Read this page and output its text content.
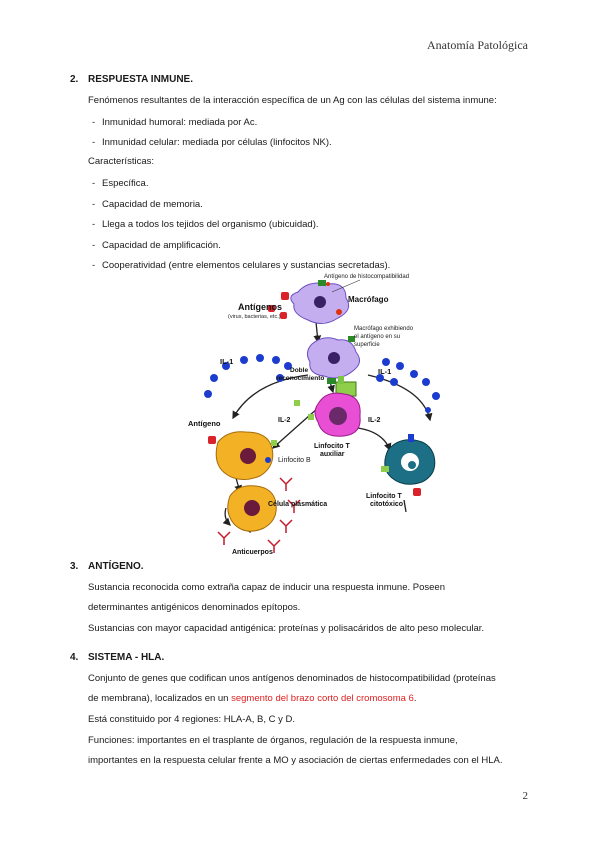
Anatomía Patológica
2. RESPUESTA INMUNE.
Fenómenos resultantes de la interacción específica de un Ag con las células del sistema inmune:
- Inmunidad humoral: mediada por Ac.
- Inmunidad celular: mediada por células (linfocitos NK).
Características:
- Específica.
- Capacidad de memoria.
- Llega a todos los tejidos del organismo (ubicuidad).
- Capacidad de amplificación.
- Cooperatividad (entre elementos celulares y sustancias secretadas).
Antígeno de histocompatibilidad
Antígenos
(virus, bacterias, etc.)
Macrófago
Macrófago exhibiendo
el antígeno en su
superficie
IL-1
IL-1
Doble
reconocimiento
IL-2	IL-2
Antígeno
Linfocito T
auxiliar
Linfocito B
Linfocito T
citotóxico
Célula plasmática
Anticuerpos
3. ANTÍGENO.
Sustancia reconocida como extraña capaz de inducir una respuesta inmune. Poseen
determinantes antigénicos denominados epítopos.
Sustancias con mayor capacidad antigénica: proteínas y polisacáridos de alto peso molecular.
4. SISTEMA - HLA.
Conjunto de genes que codifican unos antígenos denominados de histocompatibilidad (proteínas
de membrana), localizados en un segmento del brazo corto del cromosoma 6.
Está constituido por 4 regiones: HLA-A, B, C y D.
Funciones: importantes en el trasplante de órganos, regulación de la respuesta inmune,
importantes en la respuesta celular frente a MO y asociación de ciertas enfermedades con el HLA.
2
